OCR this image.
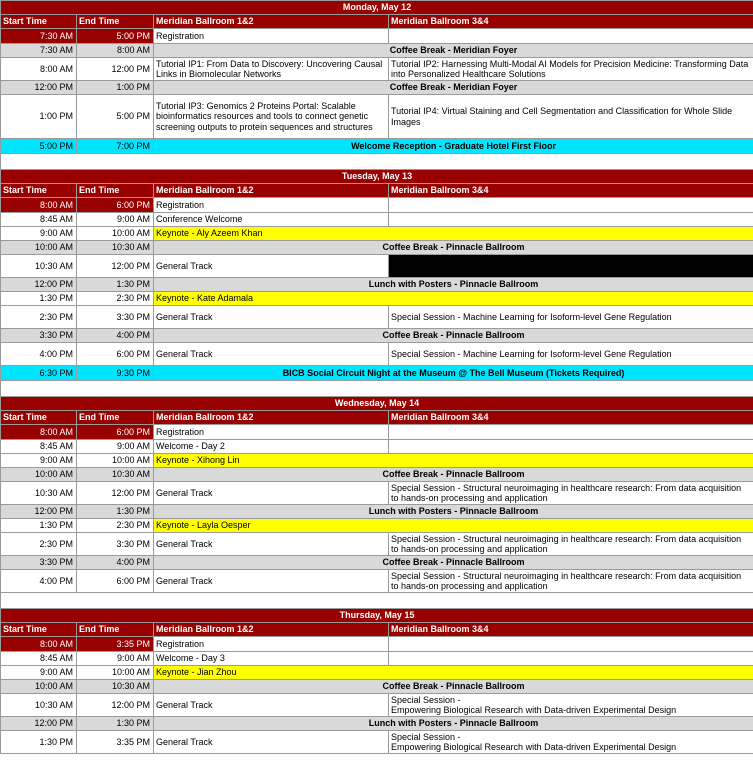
Monday, May 12			
Start Time	End Time	Meridian Ballroom 1&2	Meridian Ballroom 3&4
7:30 AM	5:00 PM	Registration	
7:30 AM	8:00 AM	Coffee Break - Meridian Foyer	
8:00 AM	12:00 PM	Tutorial IP1: From Data to Discovery: Uncovering Causal Links in Biomolecular Networks	Tutorial IP2: Harnessing Multi-Modal AI Models for Precision Medicine: Transforming Data into Personalized Healthcare Solutions
12:00 PM	1:00 PM	Coffee Break - Meridian Foyer	
1:00 PM	5:00 PM	Tutorial IP3: Genomics 2 Proteins Portal: Scalable bioinformatics resources and tools to connect genetic screening outputs to protein sequences and structures	Tutorial IP4: Virtual Staining and Cell Segmentation and Classification for Whole Slide Images
5:00 PM	7:00 PM	Welcome Reception - Graduate Hotel First Floor	

Tuesday, May 13			
Start Time	End Time	Meridian Ballroom 1&2	Meridian Ballroom 3&4
8:00 AM	6:00 PM	Registration	
8:45 AM	9:00 AM	Conference Welcome	
9:00 AM	10:00 AM	Keynote - Aly Azeem Khan	
10:00 AM	10:30 AM	Coffee Break - Pinnacle Ballroom	
10:30 AM	12:00 PM	General Track	
12:00 PM	1:30 PM	Lunch with Posters - Pinnacle Ballroom	
1:30 PM	2:30 PM	Keynote - Kate Adamala	
2:30 PM	3:30 PM	General Track	Special Session - Machine Learning for Isoform-level Gene Regulation
3:30 PM	4:00 PM	Coffee Break - Pinnacle Ballroom	
4:00 PM	6:00 PM	General Track	Special Session - Machine Learning for Isoform-level Gene Regulation
6:30 PM	9:30 PM	BICB Social Circuit Night at the Museum @ The Bell Museum (Tickets Required)	

Wednesday, May 14			
Start Time	End Time	Meridian Ballroom 1&2	Meridian Ballroom 3&4
8:00 AM	6:00 PM	Registration	
8:45 AM	9:00 AM	Welcome - Day 2	
9:00 AM	10:00 AM	Keynote - Xihong Lin	
10:00 AM	10:30 AM	Coffee Break - Pinnacle Ballroom	
10:30 AM	12:00 PM	General Track	Special Session - Structural neuroimaging in healthcare research: From data acquisition to hands-on processing and application
12:00 PM	1:30 PM	Lunch with Posters - Pinnacle Ballroom	
1:30 PM	2:30 PM	Keynote - Layla Oesper	
2:30 PM	3:30 PM	General Track	Special Session - Structural neuroimaging in healthcare research: From data acquisition to hands-on processing and application
3:30 PM	4:00 PM	Coffee Break - Pinnacle Ballroom	
4:00 PM	6:00 PM	General Track	Special Session - Structural neuroimaging in healthcare research: From data acquisition to hands-on processing and application

Thursday, May 15			
Start Time	End Time	Meridian Ballroom 1&2	Meridian Ballroom 3&4
8:00 AM	3:35 PM	Registration	
8:45 AM	9:00 AM	Welcome - Day 3	
9:00 AM	10:00 AM	Keynote - Jian Zhou	
10:00 AM	10:30 AM	Coffee Break - Pinnacle Ballroom	
10:30 AM	12:00 PM	General Track	Special Session -
Empowering Biological Research with Data-driven Experimental Design

12:00 PM	1:30 PM	Lunch with Posters - Pinnacle Ballroom	
1:30 PM	3:35 PM	General Track	Special Session -
Empowering Biological Research with Data-driven Experimental Design
